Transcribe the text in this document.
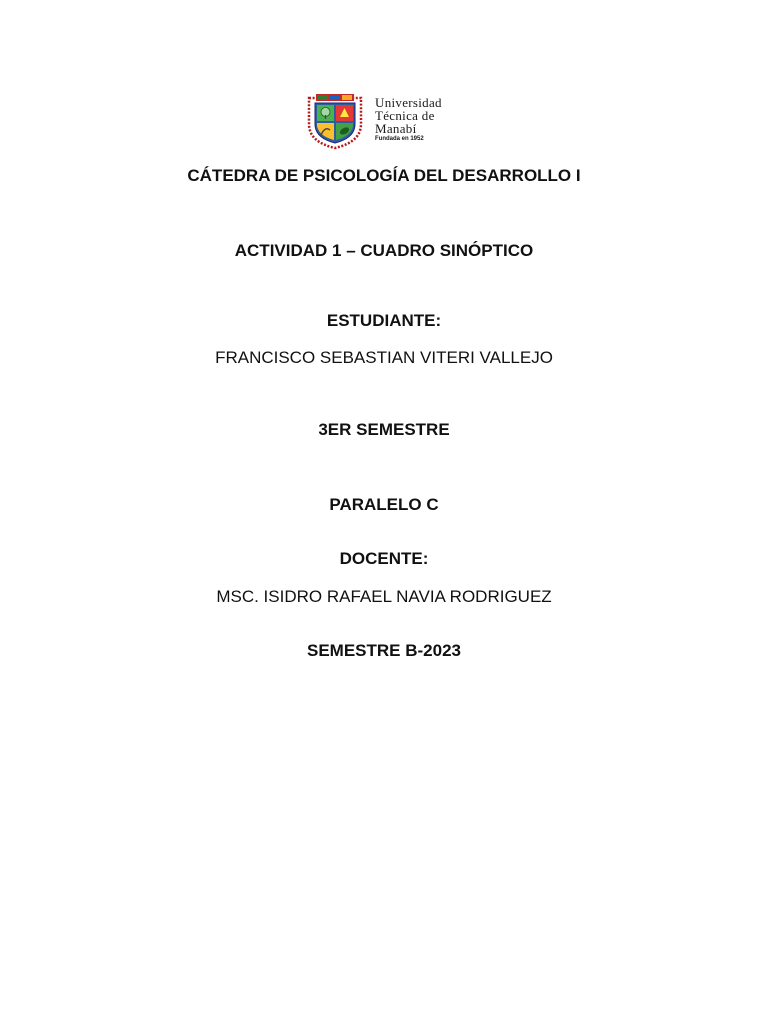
Universidad
Técnica de
Manabí
Fundada en 1952
CÁTEDRA DE PSICOLOGÍA DEL DESARROLLO I
ACTIVIDAD 1 – CUADRO SINÓPTICO
ESTUDIANTE:
FRANCISCO SEBASTIAN VITERI VALLEJO
3ER SEMESTRE
PARALELO C
DOCENTE:
MSC. ISIDRO RAFAEL NAVIA RODRIGUEZ
SEMESTRE B-2023
